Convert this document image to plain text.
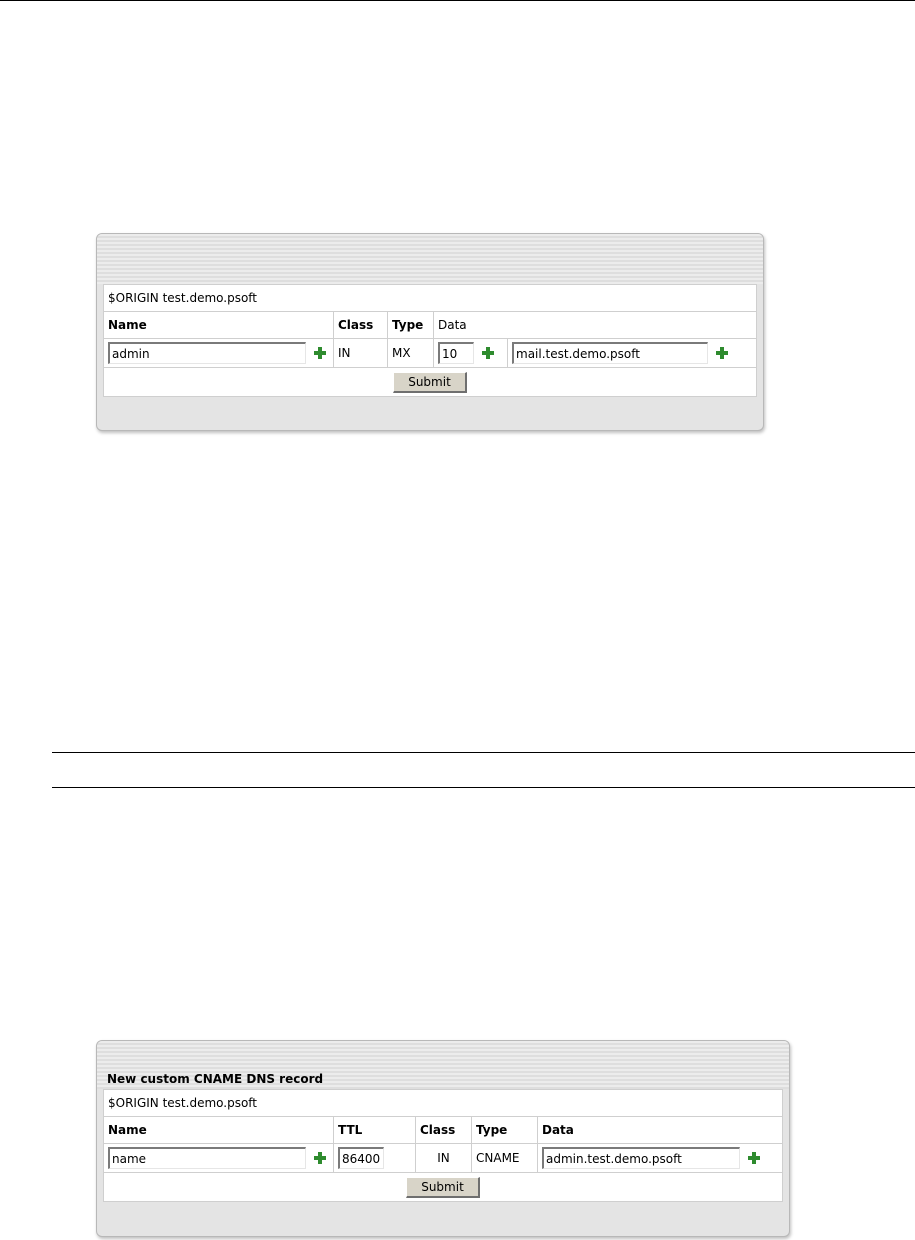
$ORIGIN test.demo.psoft				
Name	Class	Type	Data	
admin	IN	MX	10	mail.test.demo.psoft
Submit				
New custom CNAME DNS record
$ORIGIN test.demo.psoft				
Name	TTL	Class	Type	Data
name	86400	IN	CNAME	admin.test.demo.psoft
Submit				
